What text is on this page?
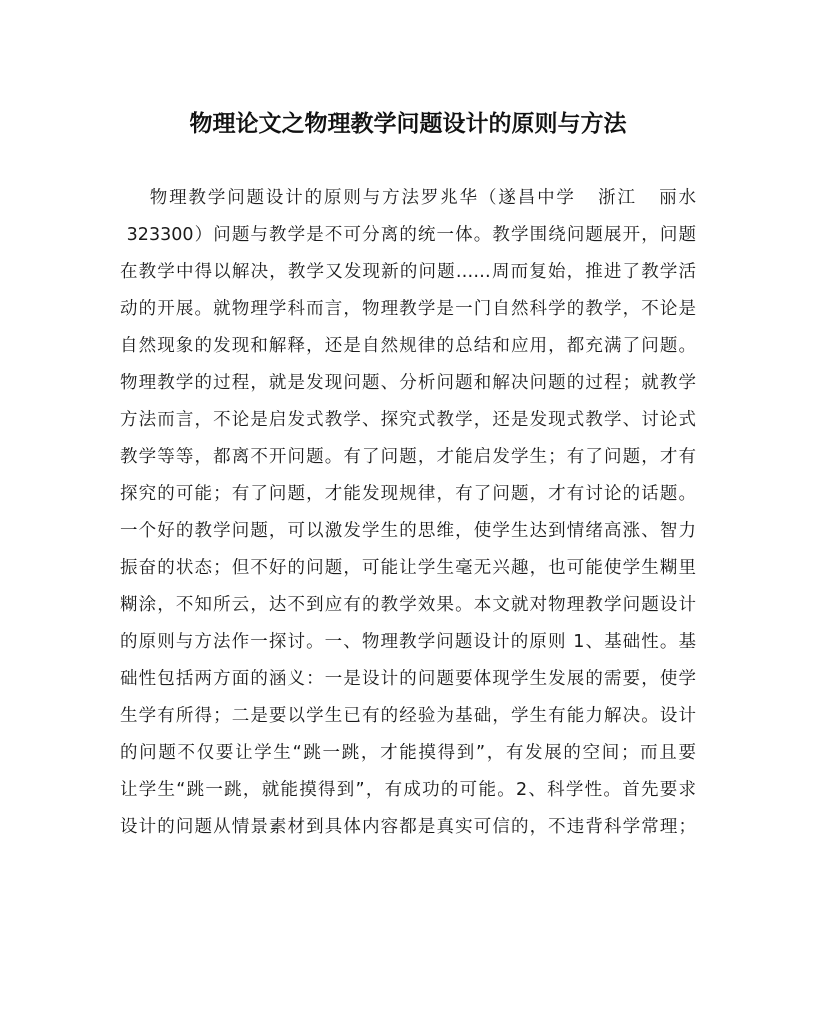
物理论文之物理教学问题设计的原则与方法
物理教学问题设计的原则与方法罗兆华（遂昌中学   浙江   丽水
323300）问题与教学是不可分离的统一体。教学围绕问题展开，问题
在教学中得以解决，教学又发现新的问题……周而复始，推进了教学活
动的开展。就物理学科而言，物理教学是一门自然科学的教学，不论是
自然现象的发现和解释，还是自然规律的总结和应用，都充满了问题。
物理教学的过程，就是发现问题、分析问题和解决问题的过程；就教学
方法而言，不论是启发式教学、探究式教学，还是发现式教学、讨论式
教学等等，都离不开问题。有了问题，才能启发学生；有了问题，才有
探究的可能；有了问题，才能发现规律，有了问题，才有讨论的话题。
一个好的教学问题，可以激发学生的思维，使学生达到情绪高涨、智力
振奋的状态；但不好的问题，可能让学生毫无兴趣，也可能使学生糊里
糊涂，不知所云，达不到应有的教学效果。本文就对物理教学问题设计
的原则与方法作一探讨。一、物理教学问题设计的原则 1、基础性。基
础性包括两方面的涵义：一是设计的问题要体现学生发展的需要，使学
生学有所得；二是要以学生已有的经验为基础，学生有能力解决。设计
的问题不仅要让学生“跳一跳，才能摸得到”，有发展的空间；而且要
让学生“跳一跳，就能摸得到”，有成功的可能。2、科学性。首先要求
设计的问题从情景素材到具体内容都是真实可信的，不违背科学常理；
